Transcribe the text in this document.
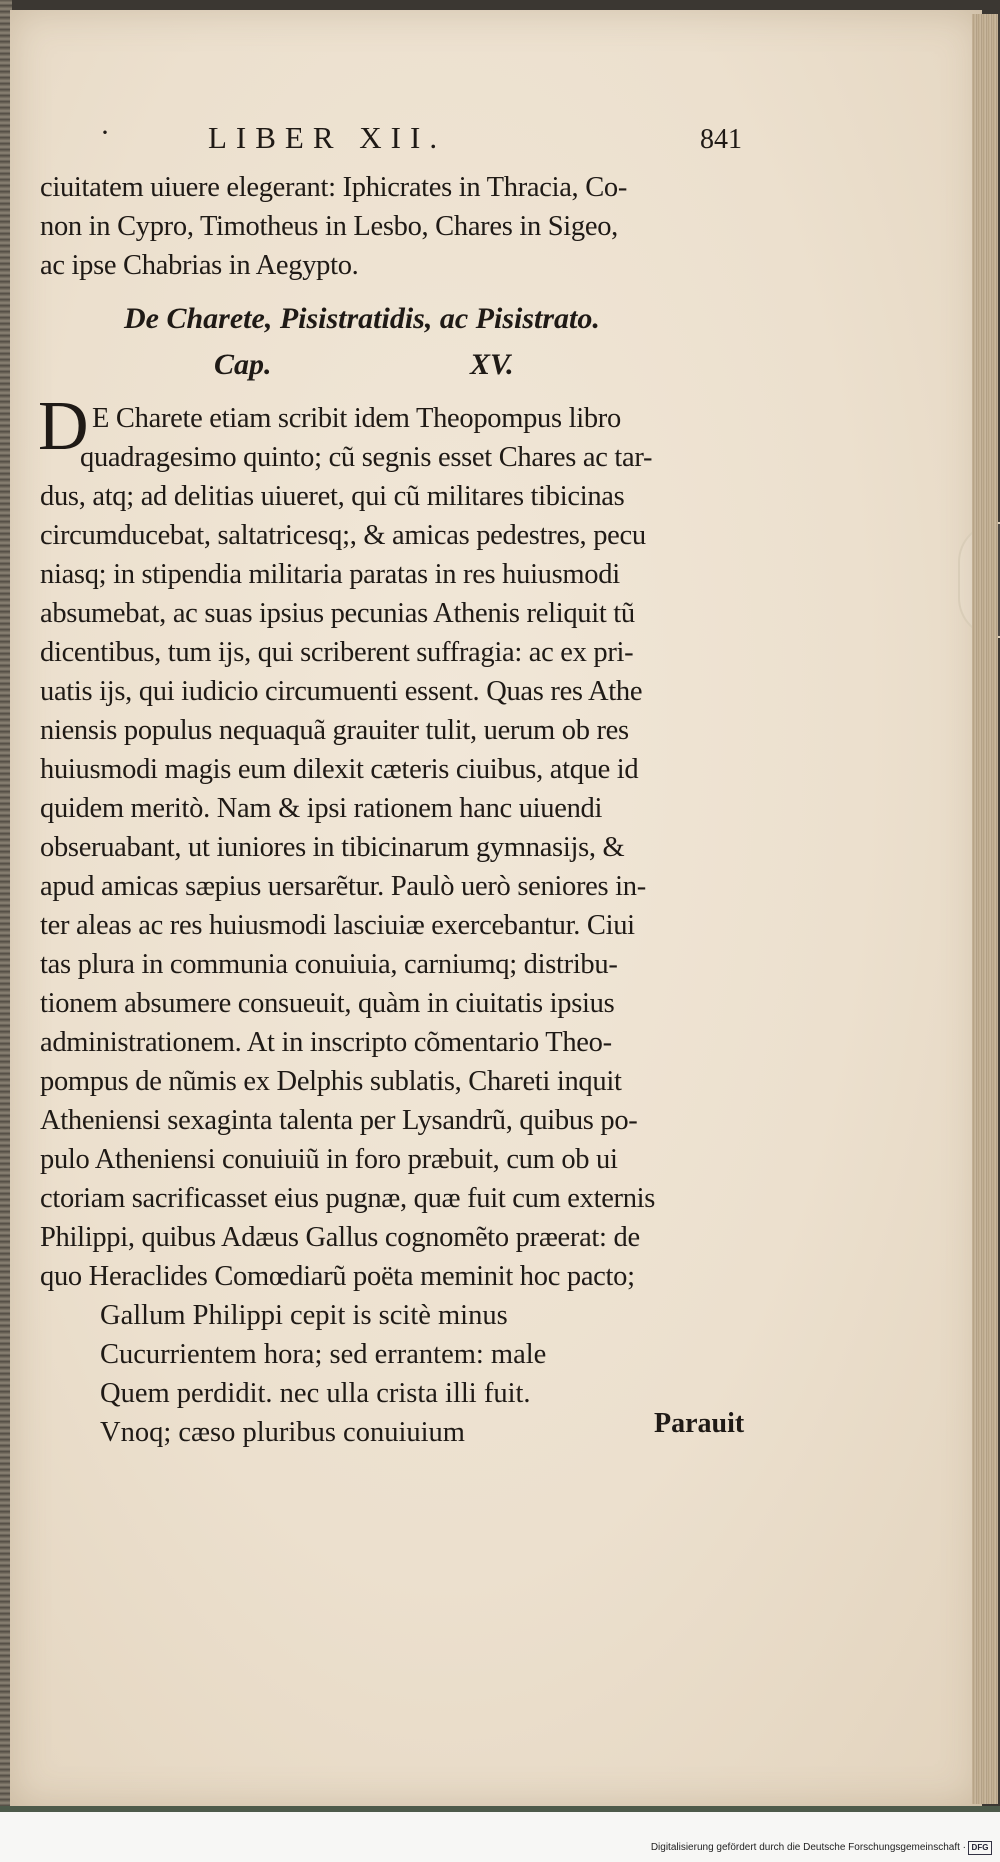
·	LIBER XII.	841
ciuitatem uiuere elegerant: Iphicrates in Thracia, Co-
non in Cypro, Timotheus in Lesbo, Chares in Sigeo,
ac ipse Chabrias in Aegypto.
De Charete, Pisistratidis, ac Pisistrato.
Cap.	XV.
D E Charete etiam scribit idem Theopompus libro
quadragesimo quinto; cũ segnis esset Chares ac tar-
dus, atq; ad delitias uiueret, qui cũ militares tibicinas
circumducebat, saltatricesq;, & amicas pedestres, pecu
niasq; in stipendia militaria paratas in res huiusmodi
absumebat, ac suas ipsius pecunias Athenis reliquit tũ
dicentibus, tum ijs, qui scriberent suffragia: ac ex pri-
uatis ijs, qui iudicio circumuenti essent. Quas res Athe
niensis populus nequaquã grauiter tulit, uerum ob res
huiusmodi magis eum dilexit cæteris ciuibus, atque id
quidem meritò. Nam & ipsi rationem hanc uiuendi
obseruabant, ut iuniores in tibicinarum gymnasijs, &
apud amicas sæpius uersarẽtur. Paulò uerò seniores in-
ter aleas ac res huiusmodi lasciuiæ exercebantur. Ciui
tas plura in communia conuiuia, carniumq; distribu-
tionem absumere consueuit, quàm in ciuitatis ipsius
administrationem. At in inscripto cõmentario Theo-
pompus de nũmis ex Delphis sublatis, Chareti inquit
Atheniensi sexaginta talenta per Lysandrũ, quibus po-
pulo Atheniensi conuiuiũ in foro præbuit, cum ob ui
ctoriam sacrificasset eius pugnæ, quæ fuit cum externis
Philippi, quibus Adæus Gallus cognomẽto præerat: de
quo Heraclides Comœdiarũ poëta meminit hoc pacto;
Gallum Philippi cepit is scitè minus
Cucurrientem hora; sed errantem: male
Quem perdidit. nec ulla crista illi fuit.
Vnoq; cæso pluribus conuiuium	Parauit
Digitalisierung gefördert durch die Deutsche Forschungsgemeinschaft · DFG
